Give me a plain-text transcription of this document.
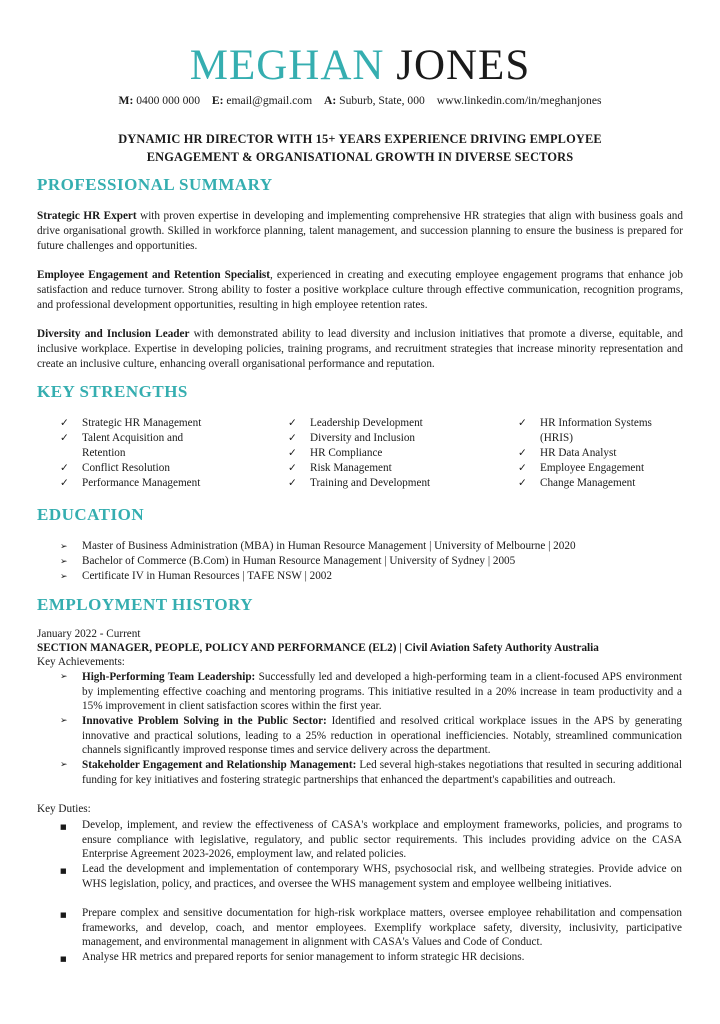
MEGHAN JONES
M: 0400 000 000 E: email@gmail.com A: Suburb, State, 000 www.linkedin.com/in/meghanjones
DYNAMIC HR DIRECTOR WITH 15+ YEARS EXPERIENCE DRIVING EMPLOYEE
ENGAGEMENT & ORGANISATIONAL GROWTH IN DIVERSE SECTORS
PROFESSIONAL SUMMARY
Strategic HR Expert with proven expertise in developing and implementing comprehensive HR strategies that align with business goals and drive organisational growth. Skilled in workforce planning, talent management, and succession planning to ensure the business is prepared for future challenges and opportunities.
Employee Engagement and Retention Specialist, experienced in creating and executing employee engagement programs that enhance job satisfaction and reduce turnover. Strong ability to foster a positive workplace culture through effective communication, recognition programs, and professional development opportunities, resulting in high employee retention rates.
Diversity and Inclusion Leader with demonstrated ability to lead diversity and inclusion initiatives that promote a diverse, equitable, and inclusive workplace. Expertise in developing policies, training programs, and recruitment strategies that increase minority representation and create an inclusive culture, enhancing overall organisational performance and reputation.
KEY STRENGTHS
✓	Strategic HR Management
✓	Talent Acquisition and Retention
✓	Conflict Resolution
✓	Performance Management
✓	Leadership Development
✓	Diversity and Inclusion
✓	HR Compliance
✓	Risk Management
✓	Training and Development
✓	HR Information Systems (HRIS)
✓	HR Data Analyst
✓	Employee Engagement
✓	Change Management
EDUCATION
➢ Master of Business Administration (MBA) in Human Resource Management | University of Melbourne | 2020
➢ Bachelor of Commerce (B.Com) in Human Resource Management | University of Sydney | 2005
➢ Certificate IV in Human Resources | TAFE NSW | 2002
EMPLOYMENT HISTORY
January 2022 - Current
SECTION MANAGER, PEOPLE, POLICY AND PERFORMANCE (EL2) | Civil Aviation Safety Authority Australia
Key Achievements:
➢	High-Performing Team Leadership: Successfully led and developed a high-performing team in a client-focused APS environment by implementing effective coaching and mentoring programs. This initiative resulted in a 20% increase in team productivity and a 15% improvement in client satisfaction scores within the first year.
➢	Innovative Problem Solving in the Public Sector: Identified and resolved critical workplace issues in the APS by generating innovative and practical solutions, leading to a 25% reduction in operational inefficiencies. Notably, streamlined communication channels significantly improved response times and service delivery across the department.
➢	Stakeholder Engagement and Relationship Management: Led several high-stakes negotiations that resulted in securing additional funding for key initiatives and fostering strategic partnerships that enhanced the department's capabilities and outreach.
Key Duties:
■	Develop, implement, and review the effectiveness of CASA's workplace and employment frameworks, policies, and programs to ensure compliance with legislative, regulatory, and public sector requirements. This includes providing advice on the CASA Enterprise Agreement 2023-2026, employment law, and related policies.
■	Lead the development and implementation of contemporary WHS, psychosocial risk, and wellbeing strategies. Provide advice on WHS legislation, policy, and practices, and oversee the WHS management system and employee wellbeing initiatives.
■	Prepare complex and sensitive documentation for high-risk workplace matters, oversee employee rehabilitation and compensation frameworks, and develop, coach, and mentor employees. Exemplify workplace safety, diversity, inclusivity, participative management, and environmental management in alignment with CASA's Values and Code of Conduct.
■	Analyse HR metrics and prepared reports for senior management to inform strategic HR decisions.
